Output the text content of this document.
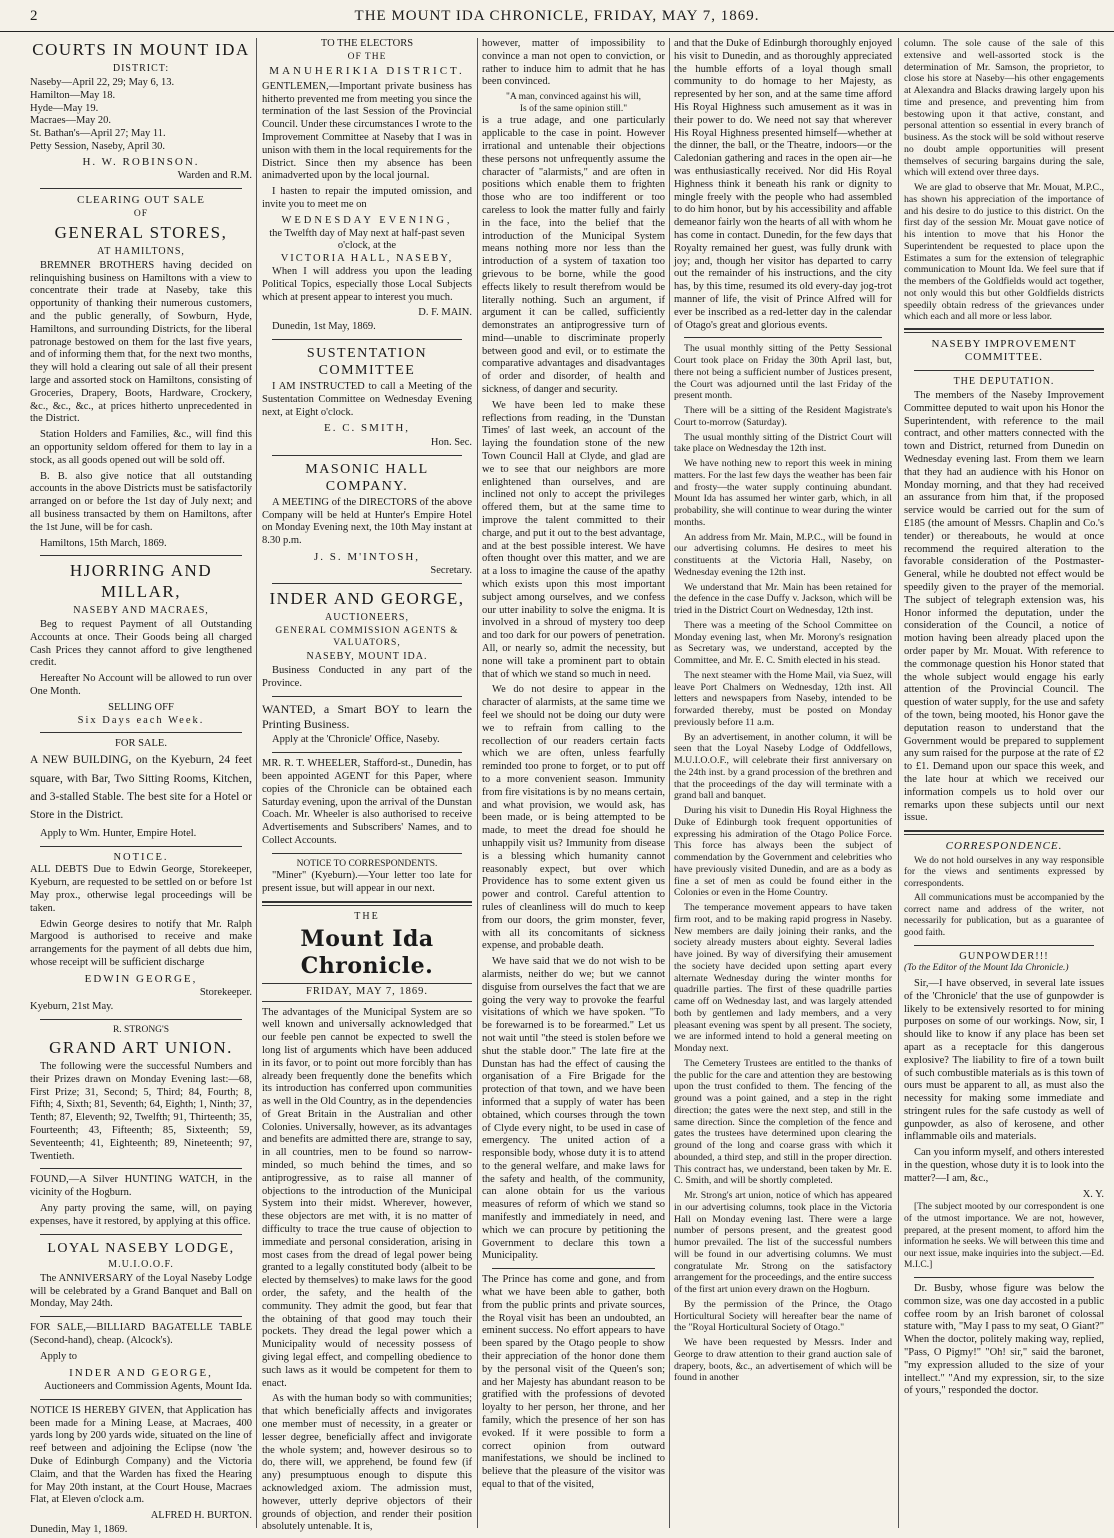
2	THE MOUNT IDA CHRONICLE, FRIDAY, MAY 7, 1869.
COURTS IN MOUNT IDA
DISTRICT:
Naseby—April 22, 29; May 6, 13.
Hamilton—May 18.
Hyde—May 19.
Macraes—May 20.
St. Bathan's—April 27; May 11.
Petty Session, Naseby, April 30.
H. W. ROBINSON.
Warden and R.M.
CLEARING OUT SALE
OF
GENERAL STORES,
AT HAMILTONS,

BREMNER BROTHERS having decided on relinquishing business on Hamiltons with a view to concentrate their trade at Naseby, take this opportunity of thanking their numerous customers, and the public generally, of Sowburn, Hyde, Hamiltons, and surrounding Districts, for the liberal patronage bestowed on them for the last five years, and of informing them that, for the next two months, they will hold a clearing out sale of all their present large and assorted stock on Hamiltons, consisting of Groceries, Drapery, Boots, Hardware, Crockery, &c., &c., &c., at prices hitherto unprecedented in the District.

Station Holders and Families, &c., will find this an opportunity seldom offered for them to lay in a stock, as all goods opened out will be sold off.

B. B. also give notice that all outstanding accounts in the above Districts must be satisfactorily arranged on or before the 1st day of July next; and all business transacted by them on Hamiltons, after the 1st June, will be for cash.

Hamiltons, 15th March, 1869.

HJORRING AND MILLAR,
NASEBY AND MACRAES,

Beg to request Payment of all Outstanding Accounts at once. Their Goods being all charged Cash Prices they cannot afford to give lengthened credit.

Hereafter No Account will be allowed to run over One Month.

SELLING OFF
Six Days each Week.
FOR SALE.

A NEW BUILDING, on the Kyeburn, 24 feet square, with Bar, Two Sitting Rooms, Kitchen, and 3-stalled Stable. The best site for a Hotel or Store in the District.

Apply to Wm. Hunter, Empire Hotel.

NOTICE.

ALL DEBTS Due to Edwin George, Storekeeper, Kyeburn, are requested to be settled on or before 1st May prox., otherwise legal proceedings will be taken.

Edwin George desires to notify that Mr. Ralph Margood is authorised to receive and make arrangements for the payment of all debts due him, whose receipt will be sufficient discharge

EDWIN GEORGE,
Storekeeper.

Kyeburn, 21st May.

R. STRONG'S
GRAND ART UNION.

The following were the successful Numbers and their Prizes drawn on Monday Evening last:—68, First Prize; 31, Second; 5, Third; 84, Fourth; 8, Fifth; 4, Sixth; 81, Seventh; 64, Eighth; 1, Ninth; 37, Tenth; 87, Eleventh; 92, Twelfth; 91, Thirteenth; 35, Fourteenth; 43, Fifteenth; 85, Sixteenth; 59, Seventeenth; 41, Eighteenth; 89, Nineteenth; 97, Twentieth.

FOUND,—A Silver HUNTING WATCH, in the vicinity of the Hogburn.

Any party proving the same, will, on paying expenses, have it restored, by applying at this office.

LOYAL NASEBY LODGE,
M.U.I.O.O.F.

The ANNIVERSARY of the Loyal Naseby Lodge will be celebrated by a Grand Banquet and Ball on Monday, May 24th.

FOR SALE,—BILLIARD BAGATELLE TABLE (Second-hand), cheap. (Alcock's).

Apply to

INDER AND GEORGE,
Auctioneers and Commission Agents, Mount Ida.

NOTICE IS HEREBY GIVEN, that Application has been made for a Mining Lease, at Macraes, 400 yards long by 200 yards wide, situated on the line of reef between and adjoining the Eclipse (now 'the Duke of Edinburgh Company) and the Victoria Claim, and that the Warden has fixed the Hearing for May 20th instant, at the Court House, Macraes Flat, at Eleven o'clock a.m.

ALFRED H. BURTON.

Dunedin, May 1, 1869.

TO THE ELECTORS
OF THE
MANUHERIKIA DISTRICT.

GENTLEMEN,—Important private business has hitherto prevented me from meeting you since the termination of the last Session of the Provincial Council. Under these circumstances I wrote to the Improvement Committee at Naseby that I was in unison with them in the local requirements for the District. Since then my absence has been animadverted upon by the local journal.

I hasten to repair the imputed omission, and invite you to meet me on

WEDNESDAY EVENING,
the Twelfth day of May next at half-past seven o'clock, at the
VICTORIA HALL, NASEBY,

When I will address you upon the leading Political Topics, especially those Local Subjects which at present appear to interest you much.

D. F. MAIN.

Dunedin, 1st May, 1869.

SUSTENTATION COMMITTEE

I AM INSTRUCTED to call a Meeting of the Sustentation Committee on Wednesday Evening next, at Eight o'clock.

E. C. SMITH,
Hon. Sec.
MASONIC HALL COMPANY.

A MEETING of the DIRECTORS of the above Company will be held at Hunter's Empire Hotel on Monday Evening next, the 10th May instant at 8.30 p.m.

J. S. M'INTOSH,
Secretary.
INDER AND GEORGE,
AUCTIONEERS,
GENERAL COMMISSION AGENTS & VALUATORS,
NASEBY, MOUNT IDA.

Business Conducted in any part of the Province.

WANTED, a Smart BOY to learn the Printing Business.

Apply at the 'Chronicle' Office, Naseby.

MR. R. T. WHEELER, Stafford-st., Dunedin, has been appointed AGENT for this Paper, where copies of the Chronicle can be obtained each Saturday evening, upon the arrival of the Dunstan Coach. Mr. Wheeler is also authorised to receive Advertisements and Subscribers' Names, and to Collect Accounts.

NOTICE TO CORRESPONDENTS.

"Miner" (Kyeburn).—Your letter too late for present issue, but will appear in our next.

THE
Mount Ida Chronicle.
FRIDAY, MAY 7, 1869.

The advantages of the Municipal System are so well known and universally acknowledged that our feeble pen cannot be expected to swell the long list of arguments which have been adduced in its favor, or to point out more forcibly than has already been frequently done the benefits which its introduction has conferred upon communities as well in the Old Country, as in the dependencies of Great Britain in the Australian and other Colonies. Universally, however, as its advantages and benefits are admitted there are, strange to say, in all countries, men to be found so narrow-minded, so much behind the times, and so antiprogressive, as to raise all manner of objections to the introduction of the Municipal System into their midst. Wherever, however, these objectors are met with, it is no matter of difficulty to trace the true cause of objection to immediate and personal consideration, arising in most cases from the dread of legal power being granted to a legally constituted body (albeit to be elected by themselves) to make laws for the good order, the safety, and the health of the community. They admit the good, but fear that the obtaining of that good may touch their pockets. They dread the legal power which a Municipality would of necessity possess of giving legal effect, and compelling obedience to such laws as it would be competent for them to enact.

As with the human body so with communities; that which beneficially affects and invigorates one member must of necessity, in a greater or lesser degree, beneficially affect and invigorate the whole system; and, however desirous so to do, there will, we apprehend, be found few (if any) presumptuous enough to dispute this acknowledged axiom. The admission must, however, utterly deprive objectors of their grounds of objection, and render their position absolutely untenable. It is,

however, matter of impossibility to convince a man not open to conviction, or rather to induce him to admit that he has been convinced.

"A man, convinced against his will,
Is of the same opinion still."

is a true adage, and one particularly applicable to the case in point. However irrational and untenable their objections these persons not unfrequently assume the character of "alarmists," and are often in positions which enable them to frighten those who are too indifferent or too careless to look the matter fully and fairly in the face, into the belief that the introduction of the Municipal System means nothing more nor less than the introduction of a system of taxation too grievous to be borne, while the good effects likely to result therefrom would be literally nothing. Such an argument, if argument it can be called, sufficiently demonstrates an antiprogressive turn of mind—unable to discriminate properly between good and evil, or to estimate the comparative advantages and disadvantages of order and disorder, of health and sickness, of danger and security.

We have been led to make these reflections from reading, in the 'Dunstan Times' of last week, an account of the laying the foundation stone of the new Town Council Hall at Clyde, and glad are we to see that our neighbors are more enlightened than ourselves, and are inclined not only to accept the privileges offered them, but at the same time to improve the talent committed to their charge, and put it out to the best advantage, and at the best possible interest. We have often thought over this matter, and we are at a loss to imagine the cause of the apathy which exists upon this most important subject among ourselves, and we confess our utter inability to solve the enigma. It is involved in a shroud of mystery too deep and too dark for our powers of penetration. All, or nearly so, admit the necessity, but none will take a prominent part to obtain that of which we stand so much in need.

We do not desire to appear in the character of alarmists, at the same time we feel we should not be doing our duty were we to refrain from calling to the recollection of our readers certain facts which we are often, unless fearfully reminded too prone to forget, or to put off to a more convenient season. Immunity from fire visitations is by no means certain, and what provision, we would ask, has been made, or is being attempted to be made, to meet the dread foe should he unhappily visit us? Immunity from disease is a blessing which humanity cannot reasonably expect, but over which Providence has to some extent given us power and control. Careful attention to rules of cleanliness will do much to keep from our doors, the grim monster, fever, with all its concomitants of sickness expense, and probable death.

We have said that we do not wish to be alarmists, neither do we; but we cannot disguise from ourselves the fact that we are going the very way to provoke the fearful visitations of which we have spoken. "To be forewarned is to be forearmed." Let us not wait until "the steed is stolen before we shut the stable door." The late fire at the Dunstan has had the effect of causing the organisation of a Fire Brigade for the protection of that town, and we have been informed that a supply of water has been obtained, which courses through the town of Clyde every night, to be used in case of emergency. The united action of a responsible body, whose duty it is to attend to the general welfare, and make laws for the safety and health, of the community, can alone obtain for us the various measures of reform of which we stand so manifestly and immediately in need, and which we can procure by petitioning the Government to declare this town a Municipality.

The Prince has come and gone, and from what we have been able to gather, both from the public prints and private sources, the Royal visit has been an undoubted, an eminent success. No effort appears to have been spared by the Otago people to show their appreciation of the honor done them by the personal visit of the Queen's son; and her Majesty has abundant reason to be gratified with the professions of devoted loyalty to her person, her throne, and her family, which the presence of her son has evoked. If it were possible to form a correct opinion from outward manifestations, we should be inclined to believe that the pleasure of the visitor was equal to that of the visited,

and that the Duke of Edinburgh thoroughly enjoyed his visit to Dunedin, and as thoroughly appreciated the humble efforts of a loyal though small community to do homage to her Majesty, as represented by her son, and at the same time afford His Royal Highness such amusement as it was in their power to do. We need not say that wherever His Royal Highness presented himself—whether at the dinner, the ball, or the Theatre, indoors—or the Caledonian gathering and races in the open air—he was enthusiastically received. Nor did His Royal Highness think it beneath his rank or dignity to mingle freely with the people who had assembled to do him honor, but by his accessibility and affable demeanor fairly won the hearts of all with whom he has come in contact. Dunedin, for the few days that Royalty remained her guest, was fully drunk with joy; and, though her visitor has departed to carry out the remainder of his instructions, and the city has, by this time, resumed its old every-day jog-trot manner of life, the visit of Prince Alfred will for ever be inscribed as a red-letter day in the calendar of Otago's great and glorious events.

The usual monthly sitting of the Petty Sessional Court took place on Friday the 30th April last, but, there not being a sufficient number of Justices present, the Court was adjourned until the last Friday of the present month.

There will be a sitting of the Resident Magistrate's Court to-morrow (Saturday).

The usual monthly sitting of the District Court will take place on Wednesday the 12th inst.

We have nothing new to report this week in mining matters. For the last few days the weather has been fair and frosty—the water supply continuing abundant. Mount Ida has assumed her winter garb, which, in all probability, she will continue to wear during the winter months.

An address from Mr. Main, M.P.C., will be found in our advertising columns. He desires to meet his constituents at the Victoria Hall, Naseby, on Wednesday evening the 12th inst.

We understand that Mr. Main has been retained for the defence in the case Duffy v. Jackson, which will be tried in the District Court on Wednesday, 12th inst.

There was a meeting of the School Committee on Monday evening last, when Mr. Morony's resignation as Secretary was, we understand, accepted by the Committee, and Mr. E. C. Smith elected in his stead.

The next steamer with the Home Mail, via Suez, will leave Port Chalmers on Wednesday, 12th inst. All letters and newspapers from Naseby, intended to be forwarded thereby, must be posted on Monday previously before 11 a.m.

By an advertisement, in another column, it will be seen that the Loyal Naseby Lodge of Oddfellows, M.U.I.O.O.F., will celebrate their first anniversary on the 24th inst. by a grand procession of the brethren and that the proceedings of the day will terminate with a grand ball and banquet.

During his visit to Dunedin His Royal Highness the Duke of Edinburgh took frequent opportunities of expressing his admiration of the Otago Police Force. This force has always been the subject of commendation by the Government and celebrities who have previously visited Dunedin, and are as a body as fine a set of men as could be found either in the Colonies or even in the Home Country.

The temperance movement appears to have taken firm root, and to be making rapid progress in Naseby. New members are daily joining their ranks, and the society already musters about eighty. Several ladies have joined. By way of diversifying their amusement the society have decided upon setting apart every alternate Wednesday during the winter months for quadrille parties. The first of these quadrille parties came off on Wednesday last, and was largely attended both by gentlemen and lady members, and a very pleasant evening was spent by all present. The society, we are informed intend to hold a general meeting on Monday next.

The Cemetery Trustees are entitled to the thanks of the public for the care and attention they are bestowing upon the trust confided to them. The fencing of the ground was a point gained, and a step in the right direction; the gates were the next step, and still in the same direction. Since the completion of the fence and gates the trustees have determined upon clearing the ground of the long and coarse grass with which it abounded, a third step, and still in the proper direction. This contract has, we understand, been taken by Mr. E. C. Smith, and will be shortly completed.

Mr. Strong's art union, notice of which has appeared in our advertising columns, took place in the Victoria Hall on Monday evening last. There were a large number of persons present, and the greatest good humor prevailed. The list of the successful numbers will be found in our advertising columns. We must congratulate Mr. Strong on the satisfactory arrangement for the proceedings, and the entire success of the first art union every drawn on the Hogburn.

By the permission of the Prince, the Otago Horticultural Society will hereafter bear the name of the "Royal Horticultural Society of Otago."

We have been requested by Messrs. Inder and George to draw attention to their grand auction sale of drapery, boots, &c., an advertisement of which will be found in another

column. The sole cause of the sale of this extensive and well-assorted stock is the determination of Mr. Samson, the proprietor, to close his store at Naseby—his other engagements at Alexandra and Blacks drawing largely upon his time and presence, and preventing him from bestowing upon it that active, constant, and personal attention so essential in every branch of business. As the stock will be sold without reserve no doubt ample opportunities will present themselves of securing bargains during the sale, which will extend over three days.

We are glad to observe that Mr. Mouat, M.P.C., has shown his appreciation of the importance of and his desire to do justice to this district. On the first day of the session Mr. Mouat gave notice of his intention to move that his Honor the Superintendent be requested to place upon the Estimates a sum for the extension of telegraphic communication to Mount Ida. We feel sure that if the members of the Goldfields would act together, not only would this but other Goldfields districts speedily obtain redress of the grievances under which each and all more or less labor.

NASEBY IMPROVEMENT COMMITTEE.
THE DEPUTATION.

The members of the Naseby Improvement Committee deputed to wait upon his Honor the Superintendent, with reference to the mail contract, and other matters connected with the town and District, returned from Dunedin on Wednesday evening last. From them we learn that they had an audience with his Honor on Monday morning, and that they had received an assurance from him that, if the proposed service would be carried out for the sum of £185 (the amount of Messrs. Chaplin and Co.'s tender) or thereabouts, he would at once recommend the required alteration to the favorable consideration of the Postmaster-General, while he doubted not effect would be speedily given to the prayer of the memorial. The subject of telegraph extension was, his Honor informed the deputation, under the consideration of the Council, a notice of motion having been already placed upon the order paper by Mr. Mouat. With reference to the commonage question his Honor stated that the whole subject would engage his early attention of the Provincial Council. The question of water supply, for the use and safety of the town, being mooted, his Honor gave the deputation reason to understand that the Government would be prepared to supplement any sum raised for the purpose at the rate of £2 to £1. Demand upon our space this week, and the late hour at which we received our information compels us to hold over our remarks upon these subjects until our next issue.

CORRESPONDENCE.

We do not hold ourselves in any way responsible for the views and sentiments expressed by correspondents.

All communications must be accompanied by the correct name and address of the writer, not necessarily for publication, but as a guarantee of good faith.

GUNPOWDER!!!

(To the Editor of the Mount Ida Chronicle.)

Sir,—I have observed, in several late issues of the 'Chronicle' that the use of gunpowder is likely to be extensively resorted to for mining purposes on some of our workings. Now, sir, I should like to know if any place has been set apart as a receptacle for this dangerous explosive? The liability to fire of a town built of such combustible materials as is this town of ours must be apparent to all, as must also the necessity for making some immediate and stringent rules for the safe custody as well of gunpowder, as also of kerosene, and other inflammable oils and materials.

Can you inform myself, and others interested in the question, whose duty it is to look into the matter?—I am, &c.,

X. Y.

[The subject mooted by our correspondent is one of the utmost importance. We are not, however, prepared, at the present moment, to afford him the information he seeks. We will between this time and our next issue, make inquiries into the subject.—Ed. M.I.C.]

Dr. Busby, whose figure was below the common size, was one day accosted in a public coffee room by an Irish baronet of colossal stature with, "May I pass to my seat, O Giant?" When the doctor, politely making way, replied, "Pass, O Pigmy!" "Oh! sir," said the baronet, "my expression alluded to the size of your intellect." "And my expression, sir, to the size of yours," responded the doctor.
